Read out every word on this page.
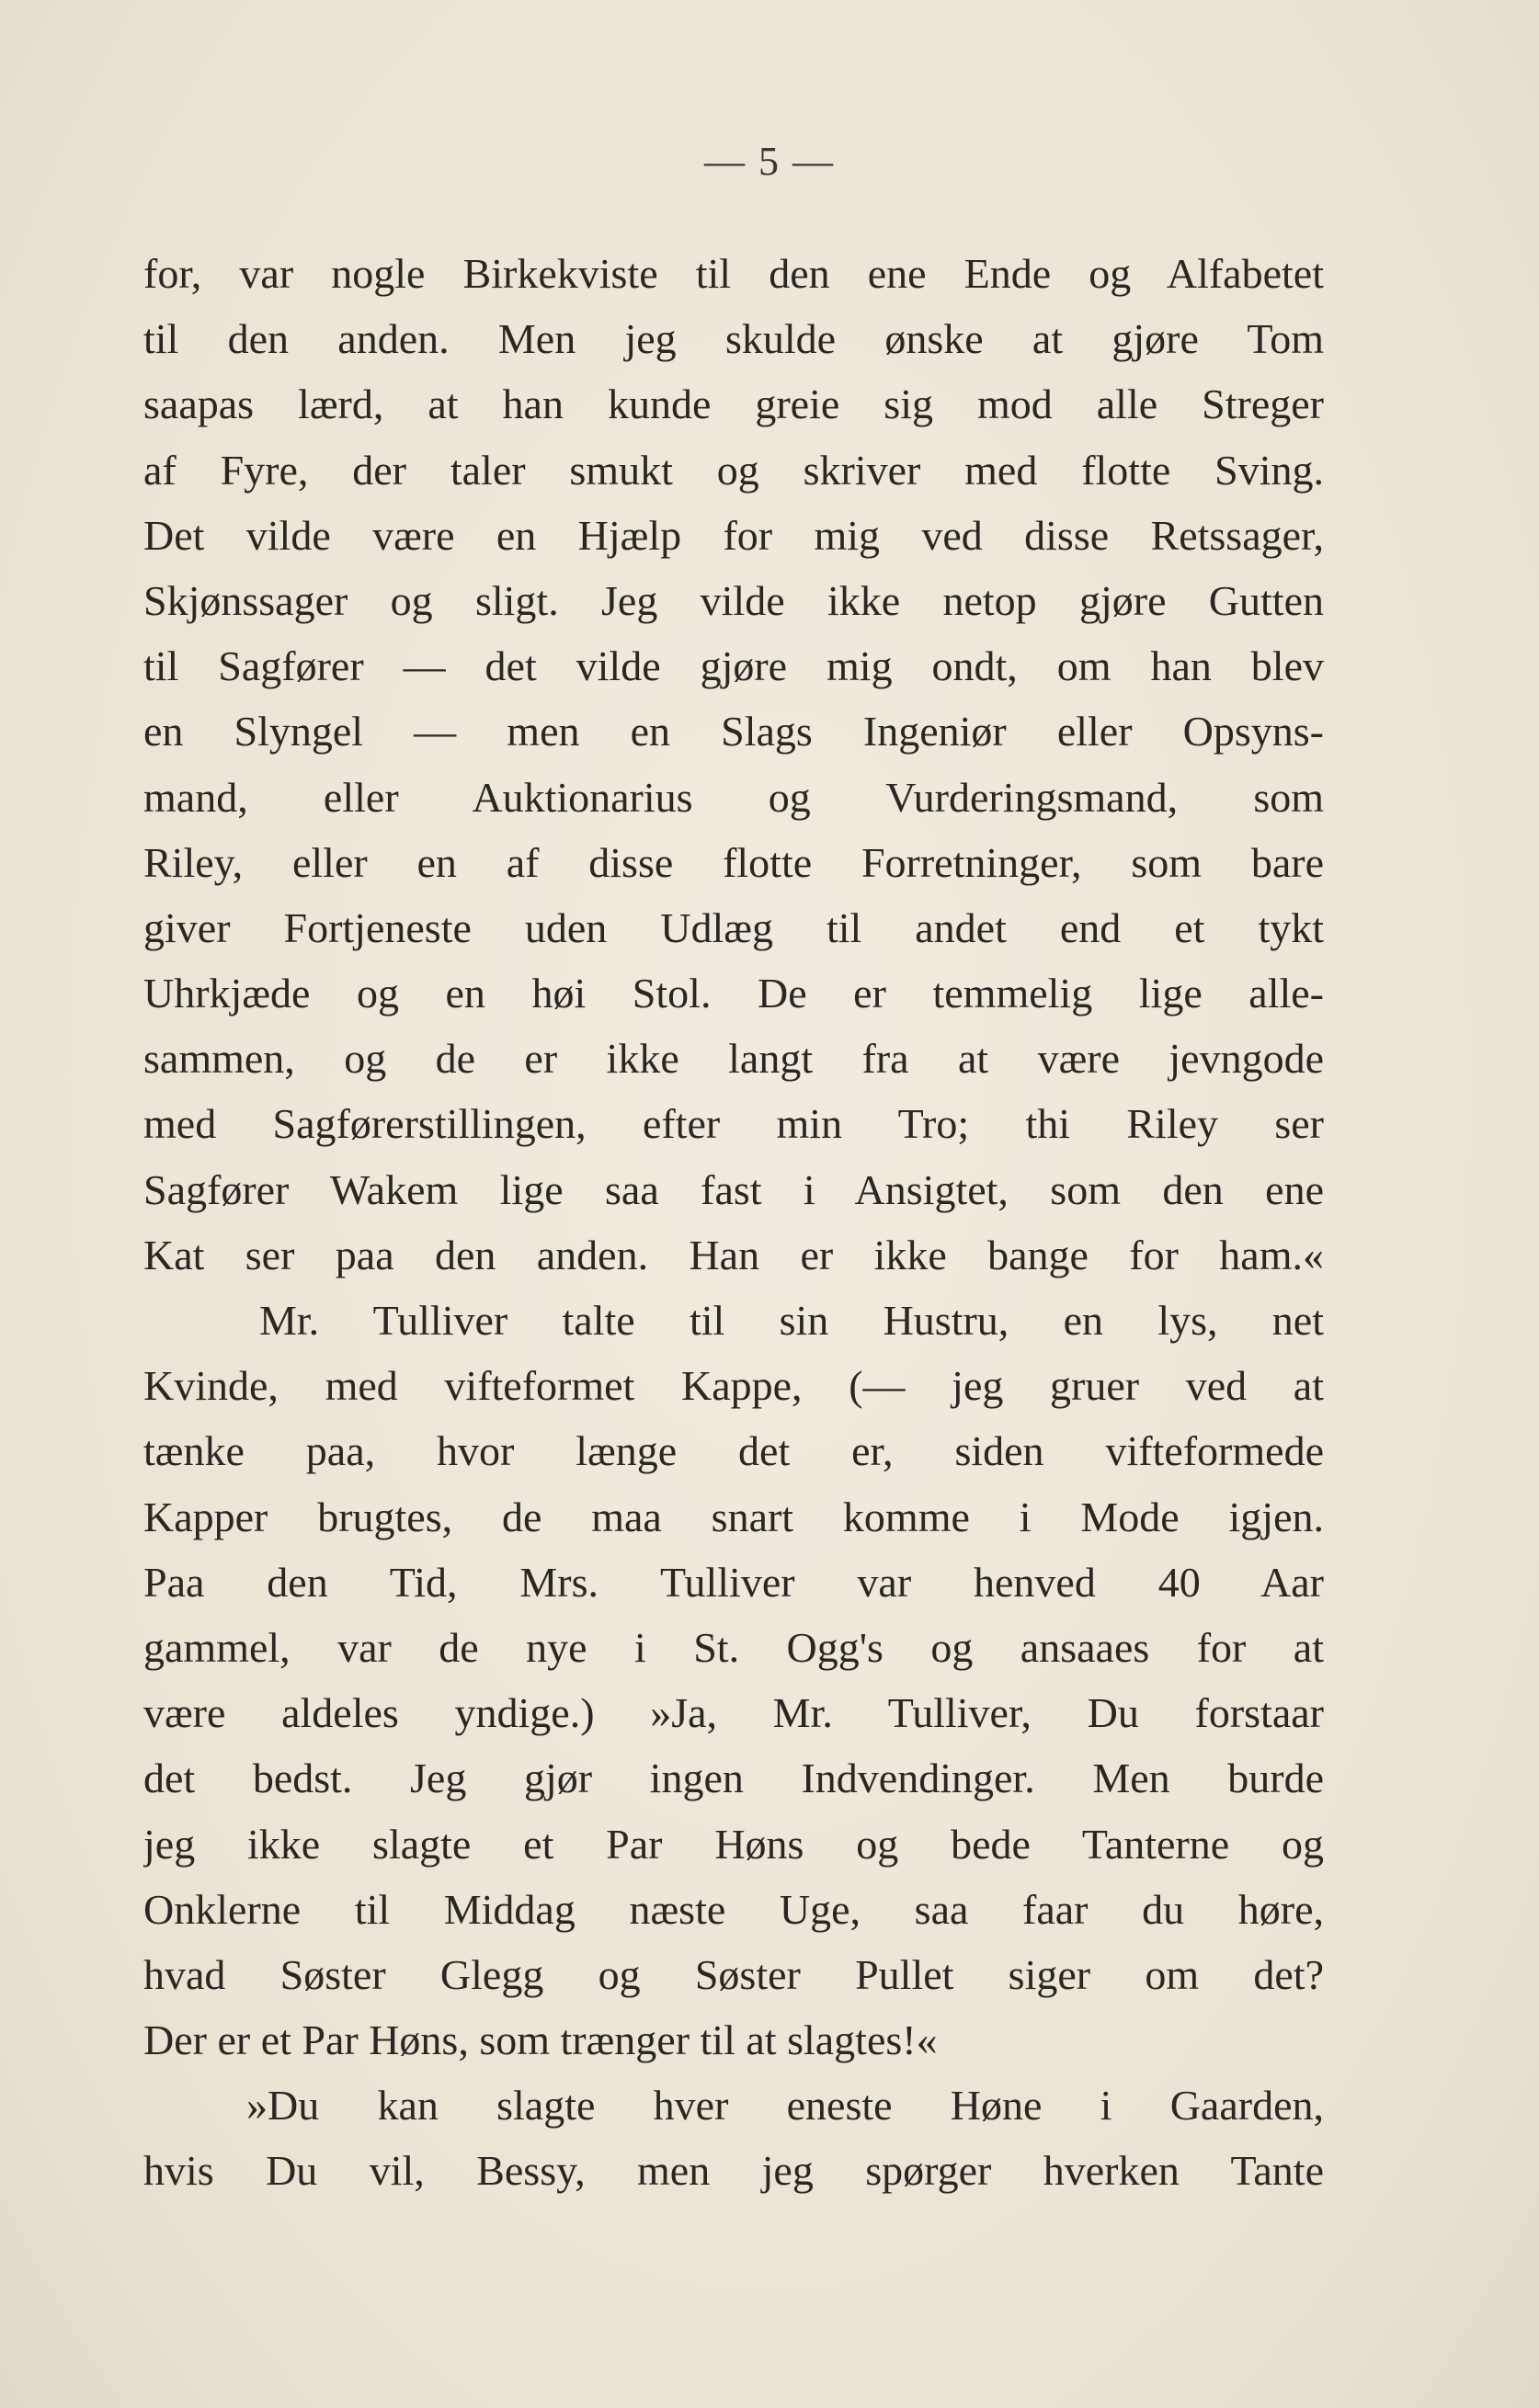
— 5 —
for, var nogle Birkekviste til den ene Ende og Alfabetet
til den anden. Men jeg skulde ønske at gjøre Tom
saapas lærd, at han kunde greie sig mod alle Streger
af Fyre, der taler smukt og skriver med flotte Sving.
Det vilde være en Hjælp for mig ved disse Retssager,
Skjønssager og sligt. Jeg vilde ikke netop gjøre Gutten
til Sagfører — det vilde gjøre mig ondt, om han blev
en Slyngel — men en Slags Ingeniør eller Opsyns-
mand, eller Auktionarius og Vurderingsmand, som
Riley, eller en af disse flotte Forretninger, som bare
giver Fortjeneste uden Udlæg til andet end et tykt
Uhrkjæde og en høi Stol. De er temmelig lige alle-
sammen, og de er ikke langt fra at være jevngode
med Sagførerstillingen, efter min Tro; thi Riley ser
Sagfører Wakem lige saa fast i Ansigtet, som den ene
Kat ser paa den anden. Han er ikke bange for ham.«
Mr. Tulliver talte til sin Hustru, en lys, net
Kvinde, med vifteformet Kappe, (— jeg gruer ved at
tænke paa, hvor længe det er, siden vifteformede
Kapper brugtes, de maa snart komme i Mode igjen.
Paa den Tid, Mrs. Tulliver var henved 40 Aar
gammel, var de nye i St. Ogg's og ansaaes for at
være aldeles yndige.) »Ja, Mr. Tulliver, Du forstaar
det bedst. Jeg gjør ingen Indvendinger. Men burde
jeg ikke slagte et Par Høns og bede Tanterne og
Onklerne til Middag næste Uge, saa faar du høre,
hvad Søster Glegg og Søster Pullet siger om det?
Der er et Par Høns, som trænger til at slagtes!«
»Du kan slagte hver eneste Høne i Gaarden,
hvis Du vil, Bessy, men jeg spørger hverken Tante
